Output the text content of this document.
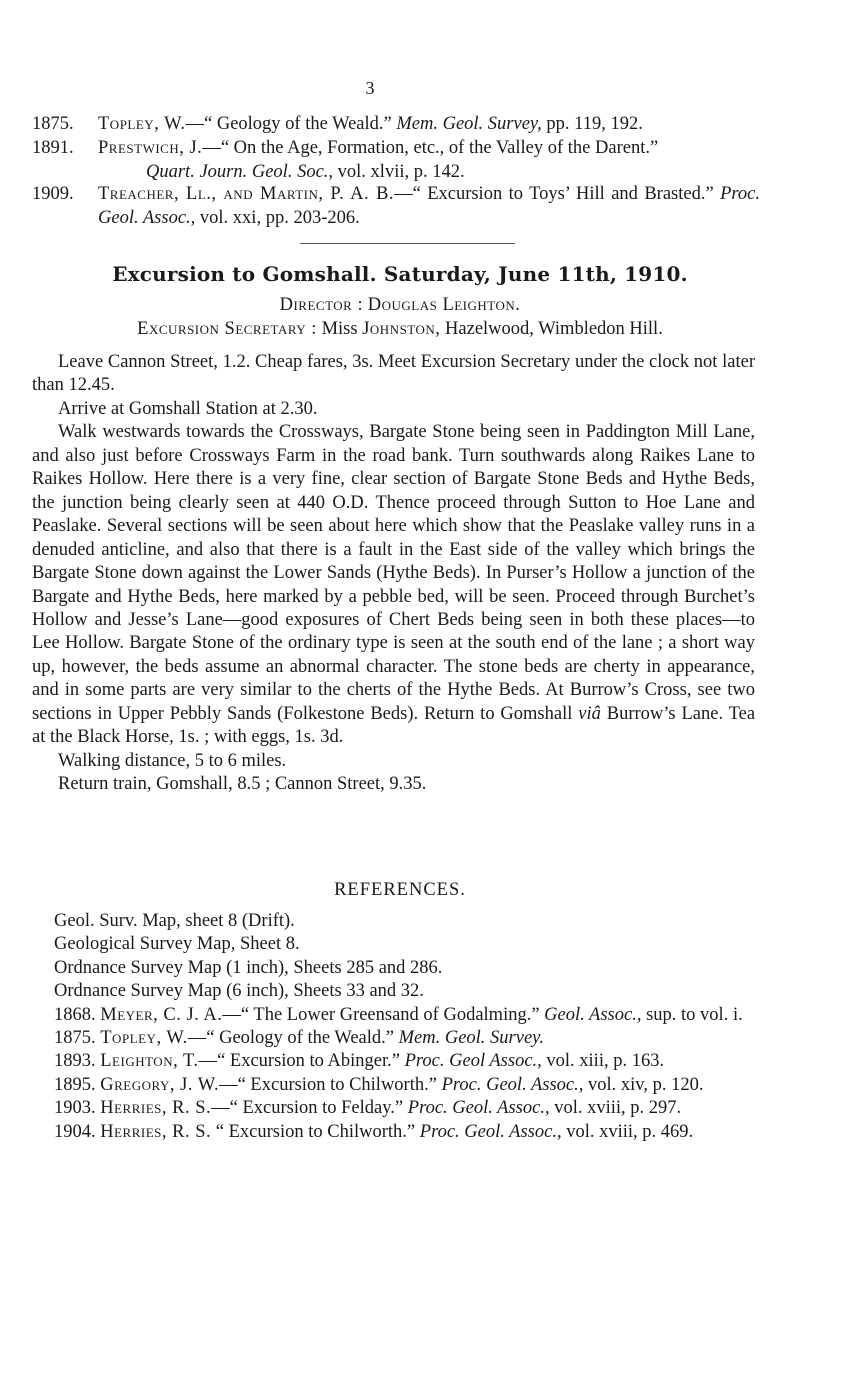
3
1875. Topley, W.—“ Geology of the Weald.” Mem. Geol. Survey, pp. 119, 192.
1891. Prestwich, J.—“ On the Age, Formation, etc., of the Valley of the Darent.”
Quart. Journ. Geol. Soc., vol. xlvii, p. 142.
1909. Treacher, Ll., and Martin, P. A. B.—“ Excursion to Toys’ Hill and Brasted.” Proc. Geol. Assoc., vol. xxi, pp. 203-206.
Excursion to Gomshall. Saturday, June 11th, 1910.
Director : Douglas Leighton.
Excursion Secretary : Miss Johnston, Hazelwood, Wimbledon Hill.

Leave Cannon Street, 1.2. Cheap fares, 3s. Meet Excursion Secretary under the clock not later than 12.45.

Arrive at Gomshall Station at 2.30.

Walk westwards towards the Crossways, Bargate Stone being seen in Paddington Mill Lane, and also just before Crossways Farm in the road bank. Turn southwards along Raikes Lane to Raikes Hollow. Here there is a very fine, clear section of Bargate Stone Beds and Hythe Beds, the junction being clearly seen at 440 O.D. Thence proceed through Sutton to Hoe Lane and Peaslake. Several sections will be seen about here which show that the Peaslake valley runs in a denuded anticline, and also that there is a fault in the East side of the valley which brings the Bargate Stone down against the Lower Sands (Hythe Beds). In Purser’s Hollow a junction of the Bargate and Hythe Beds, here marked by a pebble bed, will be seen. Proceed through Burchet’s Hollow and Jesse’s Lane—good exposures of Chert Beds being seen in both these places—to Lee Hollow. Bargate Stone of the ordinary type is seen at the south end of the lane ; a short way up, however, the beds assume an abnormal character. The stone beds are cherty in appearance, and in some parts are very similar to the cherts of the Hythe Beds. At Burrow’s Cross, see two sections in Upper Pebbly Sands (Folkestone Beds). Return to Gomshall viâ Burrow’s Lane. Tea at the Black Horse, 1s. ; with eggs, 1s. 3d.

Walking distance, 5 to 6 miles.

Return train, Gomshall, 8.5 ; Cannon Street, 9.35.

REFERENCES.

Geol. Surv. Map, sheet 8 (Drift).

Geological Survey Map, Sheet 8.

Ordnance Survey Map (1 inch), Sheets 285 and 286.

Ordnance Survey Map (6 inch), Sheets 33 and 32.

1868. Meyer, C. J. A.—“ The Lower Greensand of Godalming.” Geol. Assoc., sup. to vol. i.

1875. Topley, W.—“ Geology of the Weald.” Mem. Geol. Survey.

1893. Leighton, T.—“ Excursion to Abinger.” Proc. Geol Assoc., vol. xiii, p. 163.

1895. Gregory, J. W.—“ Excursion to Chilworth.” Proc. Geol. Assoc., vol. xiv, p. 120.

1903. Herries, R. S.—“ Excursion to Felday.” Proc. Geol. Assoc., vol. xviii, p. 297.

1904. Herries, R. S. “ Excursion to Chilworth.” Proc. Geol. Assoc., vol. xviii, p. 469.
